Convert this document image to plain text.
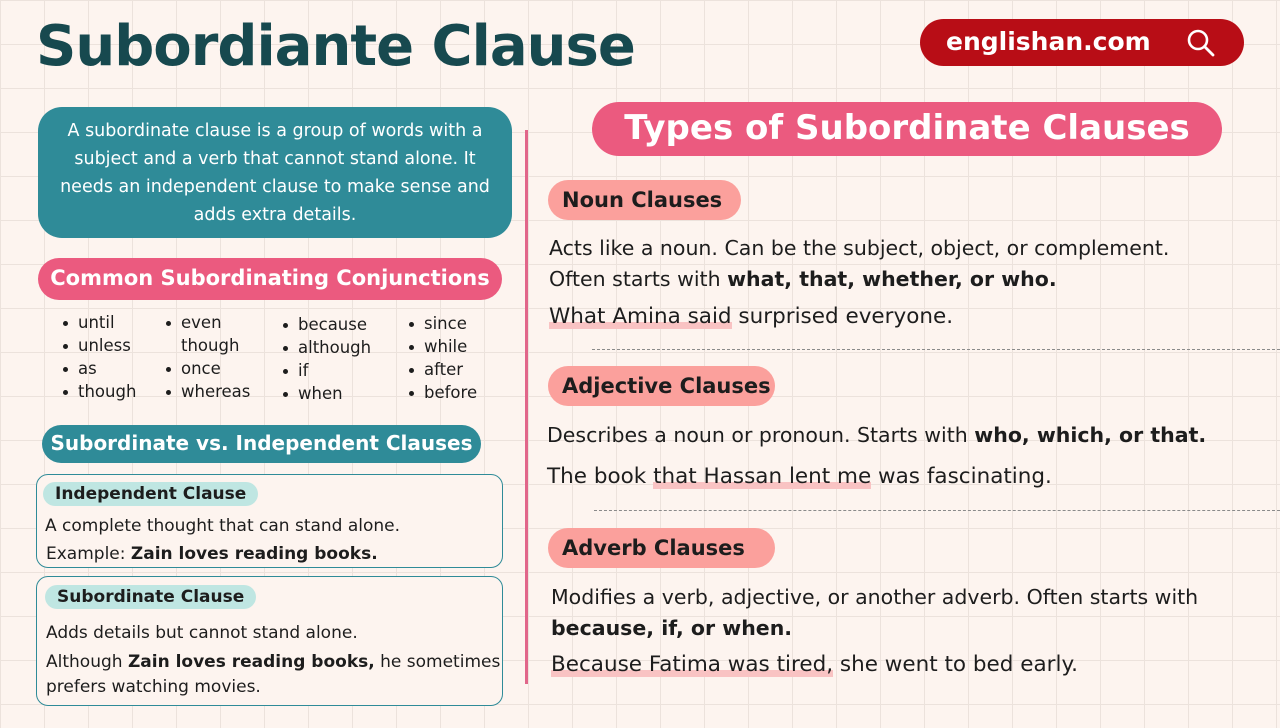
Subordiante Clause	englishan.com
A subordinate clause is a group of words with a subject and a verb that cannot stand alone. It needs an independent clause to make sense and adds extra details.
Common Subordinating Conjunctions
until
unless
as
though
even
though
once
whereas
because
although
if
when
since
while
after
before
Subordinate vs. Independent Clauses
Independent Clause
A complete thought that can stand alone.
Example: Zain loves reading books.
Subordinate Clause
Adds details but cannot stand alone.
Although Zain loves reading books, he sometimes
prefers watching movies.
Types of Subordinate Clauses
Noun Clauses
Acts like a noun. Can be the subject, object, or complement.
Often starts with what, that, whether, or who.
What Amina said surprised everyone.
Adjective Clauses
Describes a noun or pronoun. Starts with who, which, or that.
The book that Hassan lent me was fascinating.
Adverb Clauses
Modifies a verb, adjective, or another adverb. Often starts with
because, if, or when.
Because Fatima was tired, she went to bed early.
